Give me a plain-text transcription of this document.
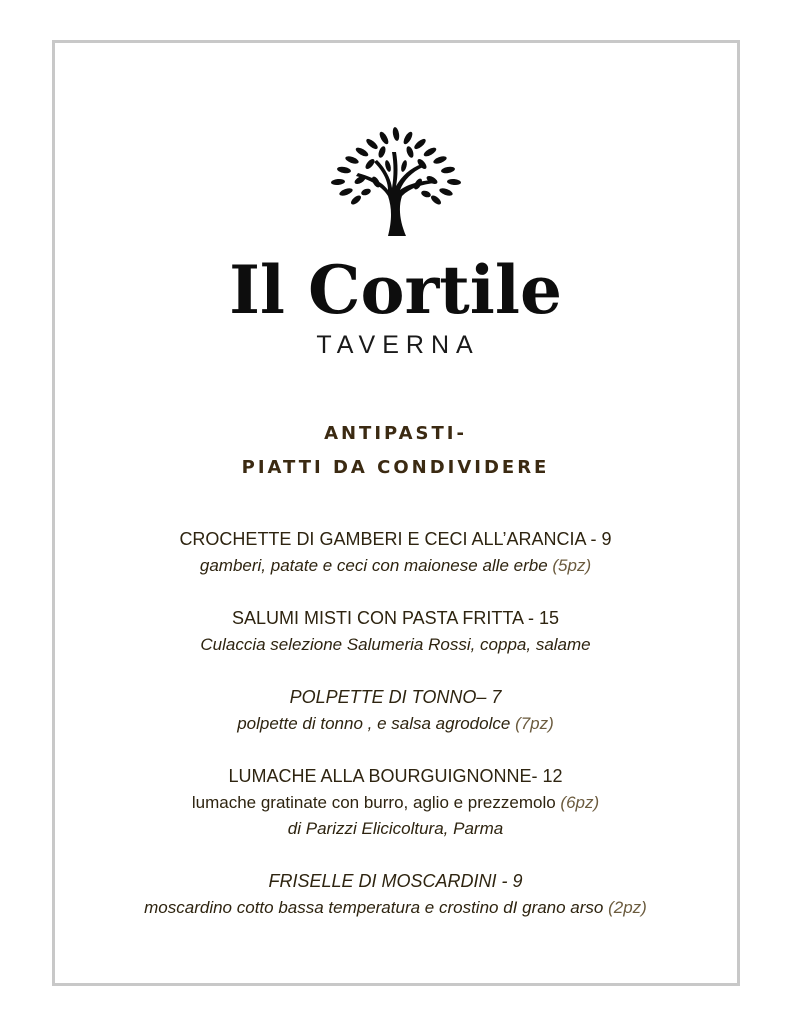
Il Cortile
TAVERNA
ANTIPASTI-
PIATTI DA CONDIVIDERE
CROCHETTE DI GAMBERI E CECI ALL’ARANCIA - 9
gamberi, patate e ceci con maionese alle erbe (5pz)
SALUMI MISTI CON PASTA FRITTA - 15
Culaccia selezione Salumeria Rossi, coppa, salame
POLPETTE DI TONNO– 7
polpette di tonno , e salsa agrodolce (7pz)
LUMACHE ALLA BOURGUIGNONNE- 12
lumache gratinate con burro, aglio e prezzemolo (6pz)
di Parizzi Elicicoltura, Parma
FRISELLE DI MOSCARDINI - 9
moscardino cotto bassa temperatura e crostino dI grano arso (2pz)
